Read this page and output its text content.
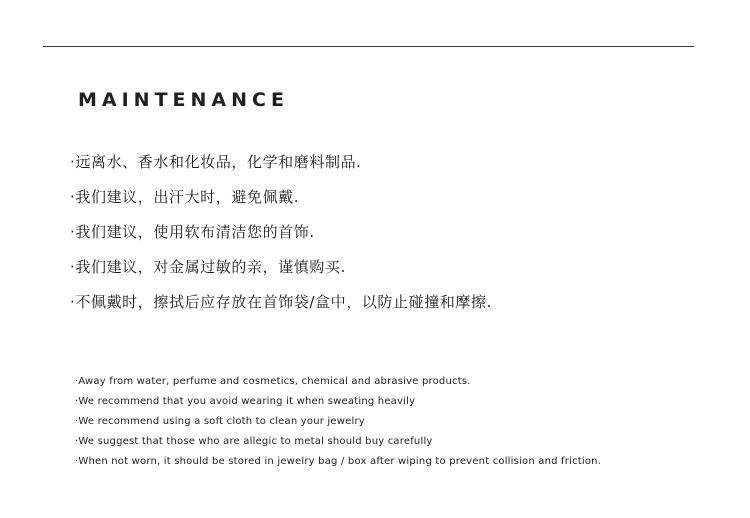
MAINTENANCE
·远离水、香水和化妆品，化学和磨料制品.
·我们建议，出汗大时，避免佩戴.
·我们建议，使用软布清洁您的首饰.
·我们建议，对金属过敏的亲，谨慎购买.
·不佩戴时，擦拭后应存放在首饰袋/盒中，以防止碰撞和摩擦.
·Away from water, perfume and cosmetics, chemical and abrasive products.
·We recommend that you avoid wearing it when sweating heavily
·We recommend using a soft cloth to clean your jewelry
·We suggest that those who are allegic to metal should buy carefully
·When not worn, it should be stored in jewelry bag / box after wiping to prevent collision and friction.
